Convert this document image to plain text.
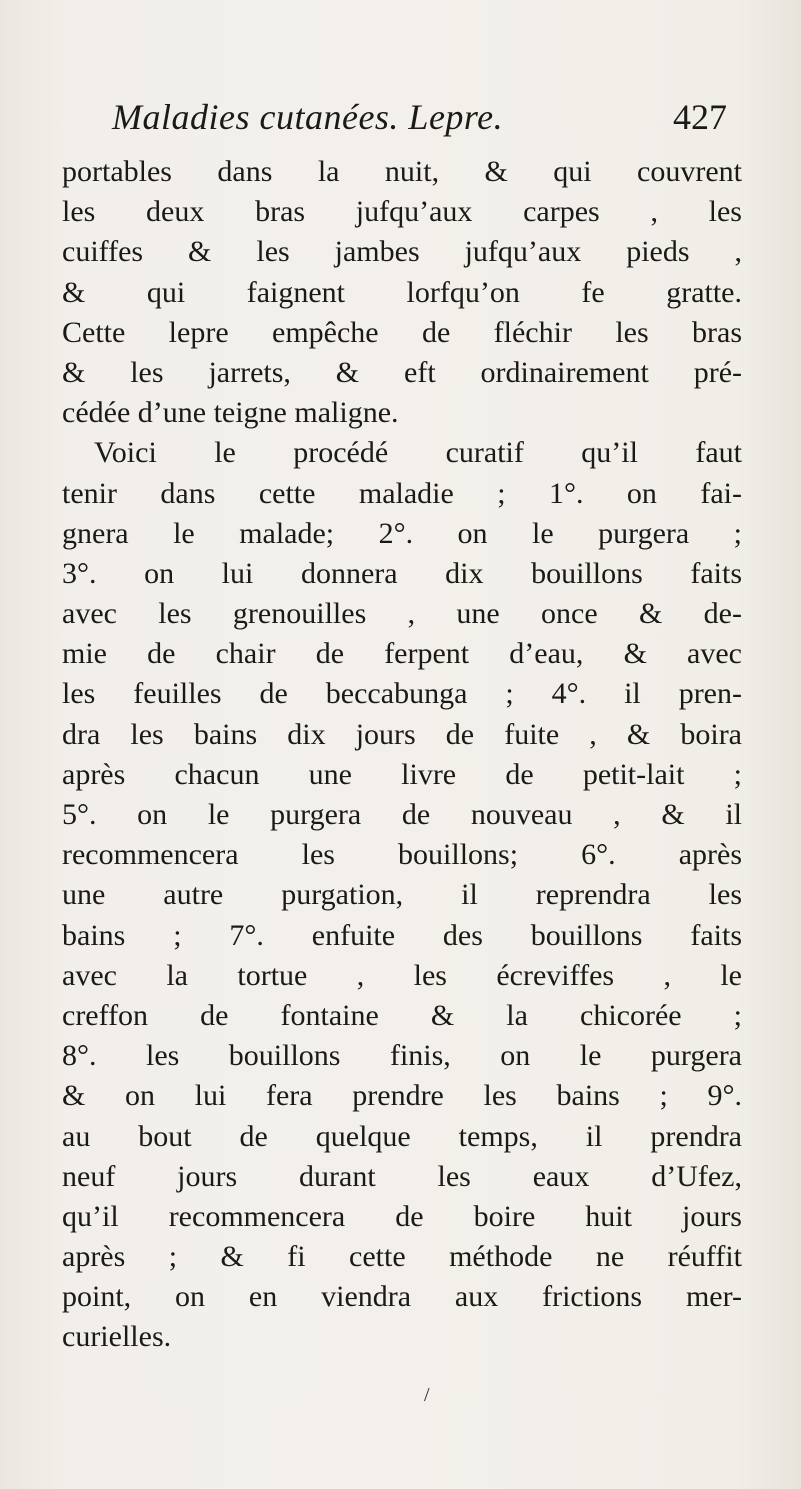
Maladies cutanées. Lepre.	427
portables dans la nuit, & qui couvrent
les deux bras jufqu’aux carpes , les
cuiffes & les jambes jufqu’aux pieds ,
& qui faignent lorfqu’on fe gratte.
Cette lepre empêche de fléchir les bras
& les jarrets, & eft ordinairement pré-
cédée d’une teigne maligne.
Voici le procédé curatif qu’il faut
tenir dans cette maladie ; 1°. on fai-
gnera le malade; 2°. on le purgera ;
3°. on lui donnera dix bouillons faits
avec les grenouilles , une once & de-
mie de chair de ferpent d’eau, & avec
les feuilles de beccabunga ; 4°. il pren-
dra les bains dix jours de fuite , & boira
après chacun une livre de petit-lait ;
5°. on le purgera de nouveau , & il
recommencera les bouillons; 6°. après
une autre purgation, il reprendra les
bains ; 7°. enfuite des bouillons faits
avec la tortue , les écreviffes , le
creffon de fontaine & la chicorée ;
8°. les bouillons finis, on le purgera
& on lui fera prendre les bains ; 9°.
au bout de quelque temps, il prendra
neuf jours durant les eaux d’Ufez,
qu’il recommencera de boire huit jours
après ; & fi cette méthode ne réuffit
point, on en viendra aux frictions mer-
curielles.
/
